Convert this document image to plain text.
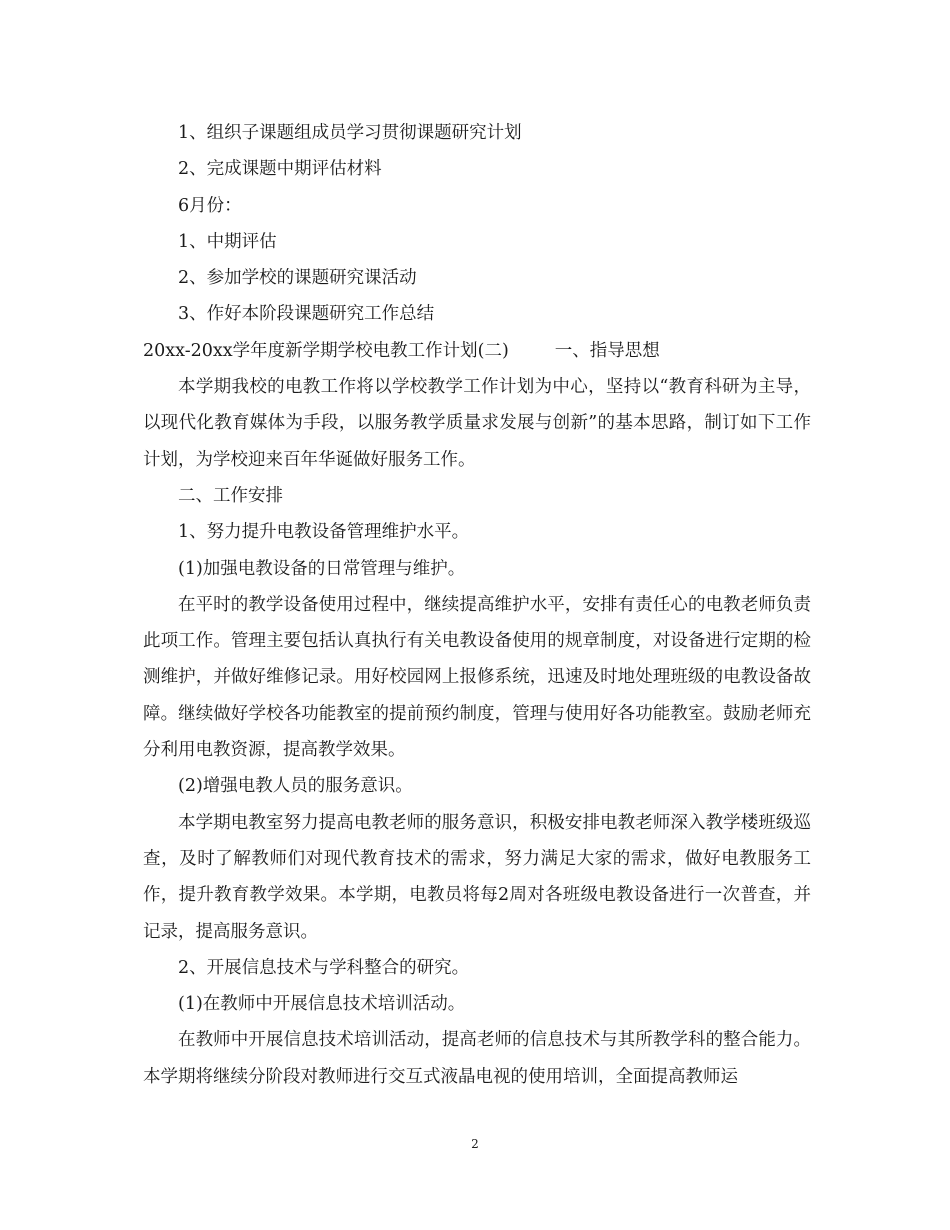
1、组织子课题组成员学习贯彻课题研究计划

2、完成课题中期评估材料

6月份：

1、中期评估

2、参加学校的课题研究课活动

3、作好本阶段课题研究工作总结

20xx-20xx学年度新学期学校电教工作计划(二)	一、指导思想

本学期我校的电教工作将以学校教学工作计划为中心，坚持以“教育科研为主导，以现代化教育媒体为手段，以服务教学质量求发展与创新”的基本思路，制订如下工作计划，为学校迎来百年华诞做好服务工作。

二、工作安排

1、努力提升电教设备管理维护水平。

(1)加强电教设备的日常管理与维护。

在平时的教学设备使用过程中，继续提高维护水平，安排有责任心的电教老师负责此项工作。管理主要包括认真执行有关电教设备使用的规章制度，对设备进行定期的检测维护，并做好维修记录。用好校园网上报修系统，迅速及时地处理班级的电教设备故障。继续做好学校各功能教室的提前预约制度，管理与使用好各功能教室。鼓励老师充分利用电教资源，提高教学效果。

(2)增强电教人员的服务意识。

本学期电教室努力提高电教老师的服务意识，积极安排电教老师深入教学楼班级巡查，及时了解教师们对现代教育技术的需求，努力满足大家的需求，做好电教服务工作，提升教育教学效果。本学期，电教员将每2周对各班级电教设备进行一次普查，并记录，提高服务意识。

2、开展信息技术与学科整合的研究。

(1)在教师中开展信息技术培训活动。

在教师中开展信息技术培训活动，提高老师的信息技术与其所教学科的整合能力。本学期将继续分阶段对教师进行交互式液晶电视的使用培训，全面提高教师运

2
